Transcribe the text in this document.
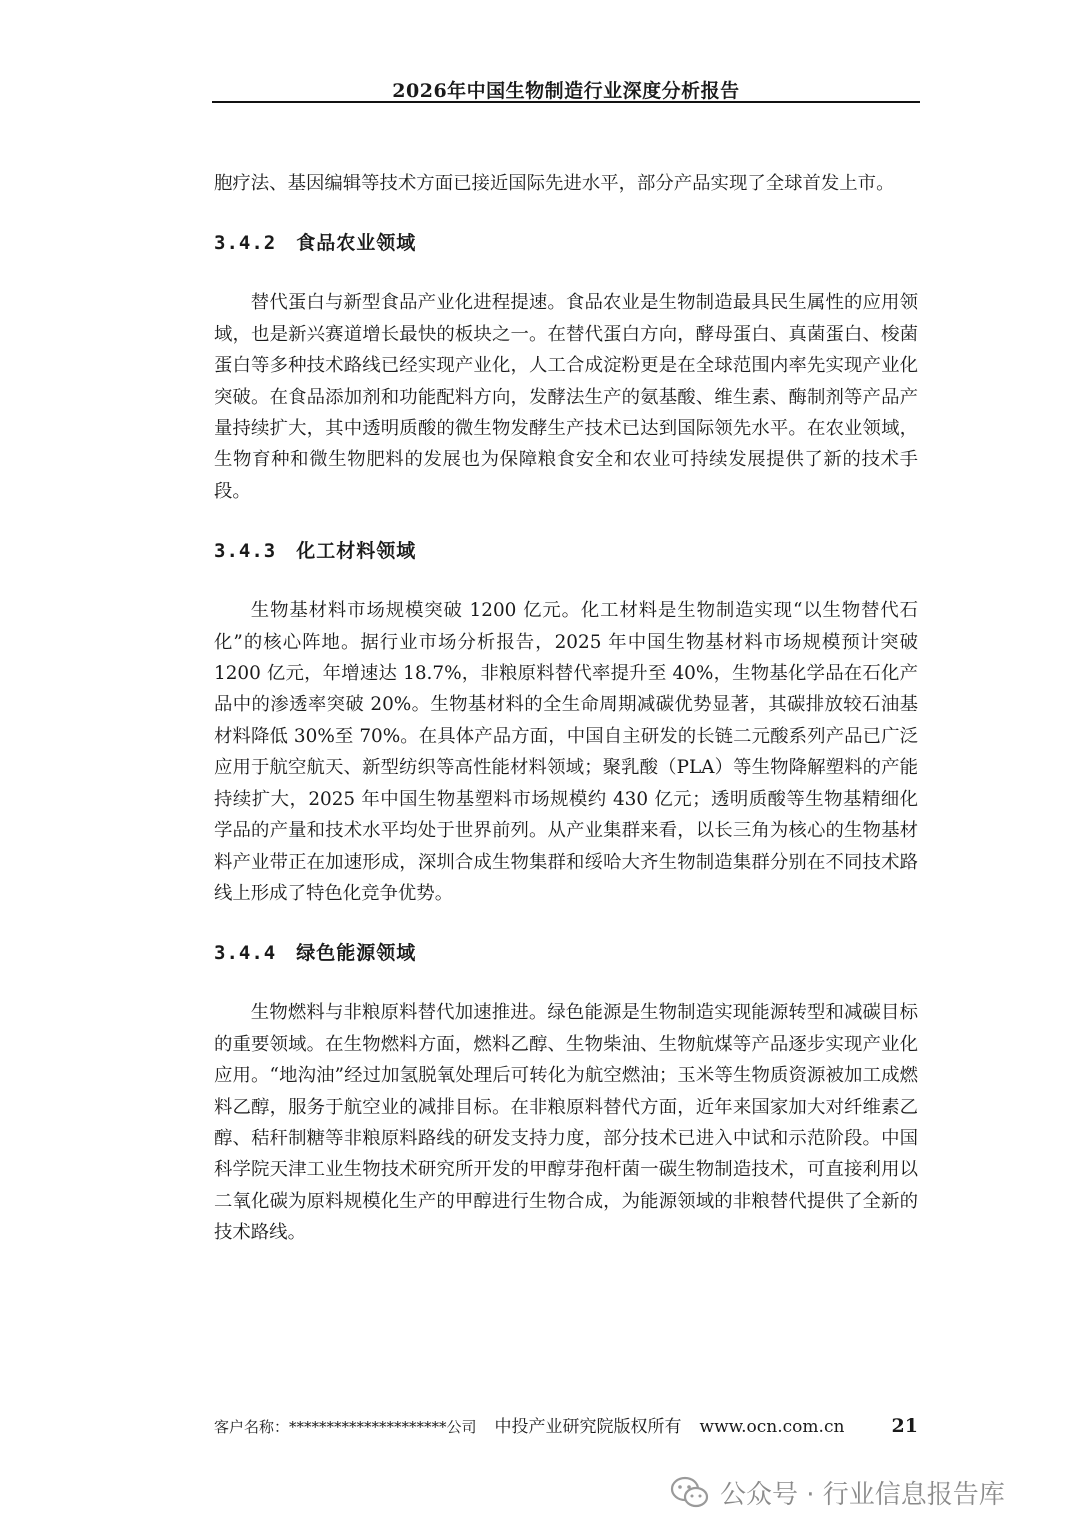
2026年中国生物制造行业深度分析报告

胞疗法、基因编辑等技术方面已接近国际先进水平，部分产品实现了全球首发上市。

3.4.2 食品农业领域

替代蛋白与新型食品产业化进程提速。食品农业是生物制造最具民生属性的应用领域，也是新兴赛道增长最快的板块之一。在替代蛋白方向，酵母蛋白、真菌蛋白、梭菌蛋白等多种技术路线已经实现产业化，人工合成淀粉更是在全球范围内率先实现产业化突破。在食品添加剂和功能配料方向，发酵法生产的氨基酸、维生素、酶制剂等产品产量持续扩大，其中透明质酸的微生物发酵生产技术已达到国际领先水平。在农业领域，生物育种和微生物肥料的发展也为保障粮食安全和农业可持续发展提供了新的技术手段。

3.4.3 化工材料领域

生物基材料市场规模突破 1200 亿元。化工材料是生物制造实现“以生物替代石化”的核心阵地。据行业市场分析报告，2025 年中国生物基材料市场规模预计突破1200 亿元，年增速达 18.7%，非粮原料替代率提升至 40%，生物基化学品在石化产品中的渗透率突破 20%。生物基材料的全生命周期减碳优势显著，其碳排放较石油基材料降低 30%至 70%。在具体产品方面，中国自主研发的长链二元酸系列产品已广泛应用于航空航天、新型纺织等高性能材料领域；聚乳酸（PLA）等生物降解塑料的产能持续扩大，2025 年中国生物基塑料市场规模约 430 亿元；透明质酸等生物基精细化学品的产量和技术水平均处于世界前列。从产业集群来看，以长三角为核心的生物基材料产业带正在加速形成，深圳合成生物集群和绥哈大齐生物制造集群分别在不同技术路线上形成了特色化竞争优势。

3.4.4 绿色能源领域

生物燃料与非粮原料替代加速推进。绿色能源是生物制造实现能源转型和减碳目标的重要领域。在生物燃料方面，燃料乙醇、生物柴油、生物航煤等产品逐步实现产业化应用。“地沟油”经过加氢脱氧处理后可转化为航空燃油；玉米等生物质资源被加工成燃料乙醇，服务于航空业的减排目标。在非粮原料替代方面，近年来国家加大对纤维素乙醇、秸秆制糖等非粮原料路线的研发支持力度，部分技术已进入中试和示范阶段。中国科学院天津工业生物技术研究所开发的甲醇芽孢杆菌一碳生物制造技术，可直接利用以二氧化碳为原料规模化生产的甲醇进行生物合成，为能源领域的非粮替代提供了全新的技术路线。

客户名称：*********************公司 中投产业研究院版权所有 www.ocn.com.cn 21
公众号 · 行业信息报告库
